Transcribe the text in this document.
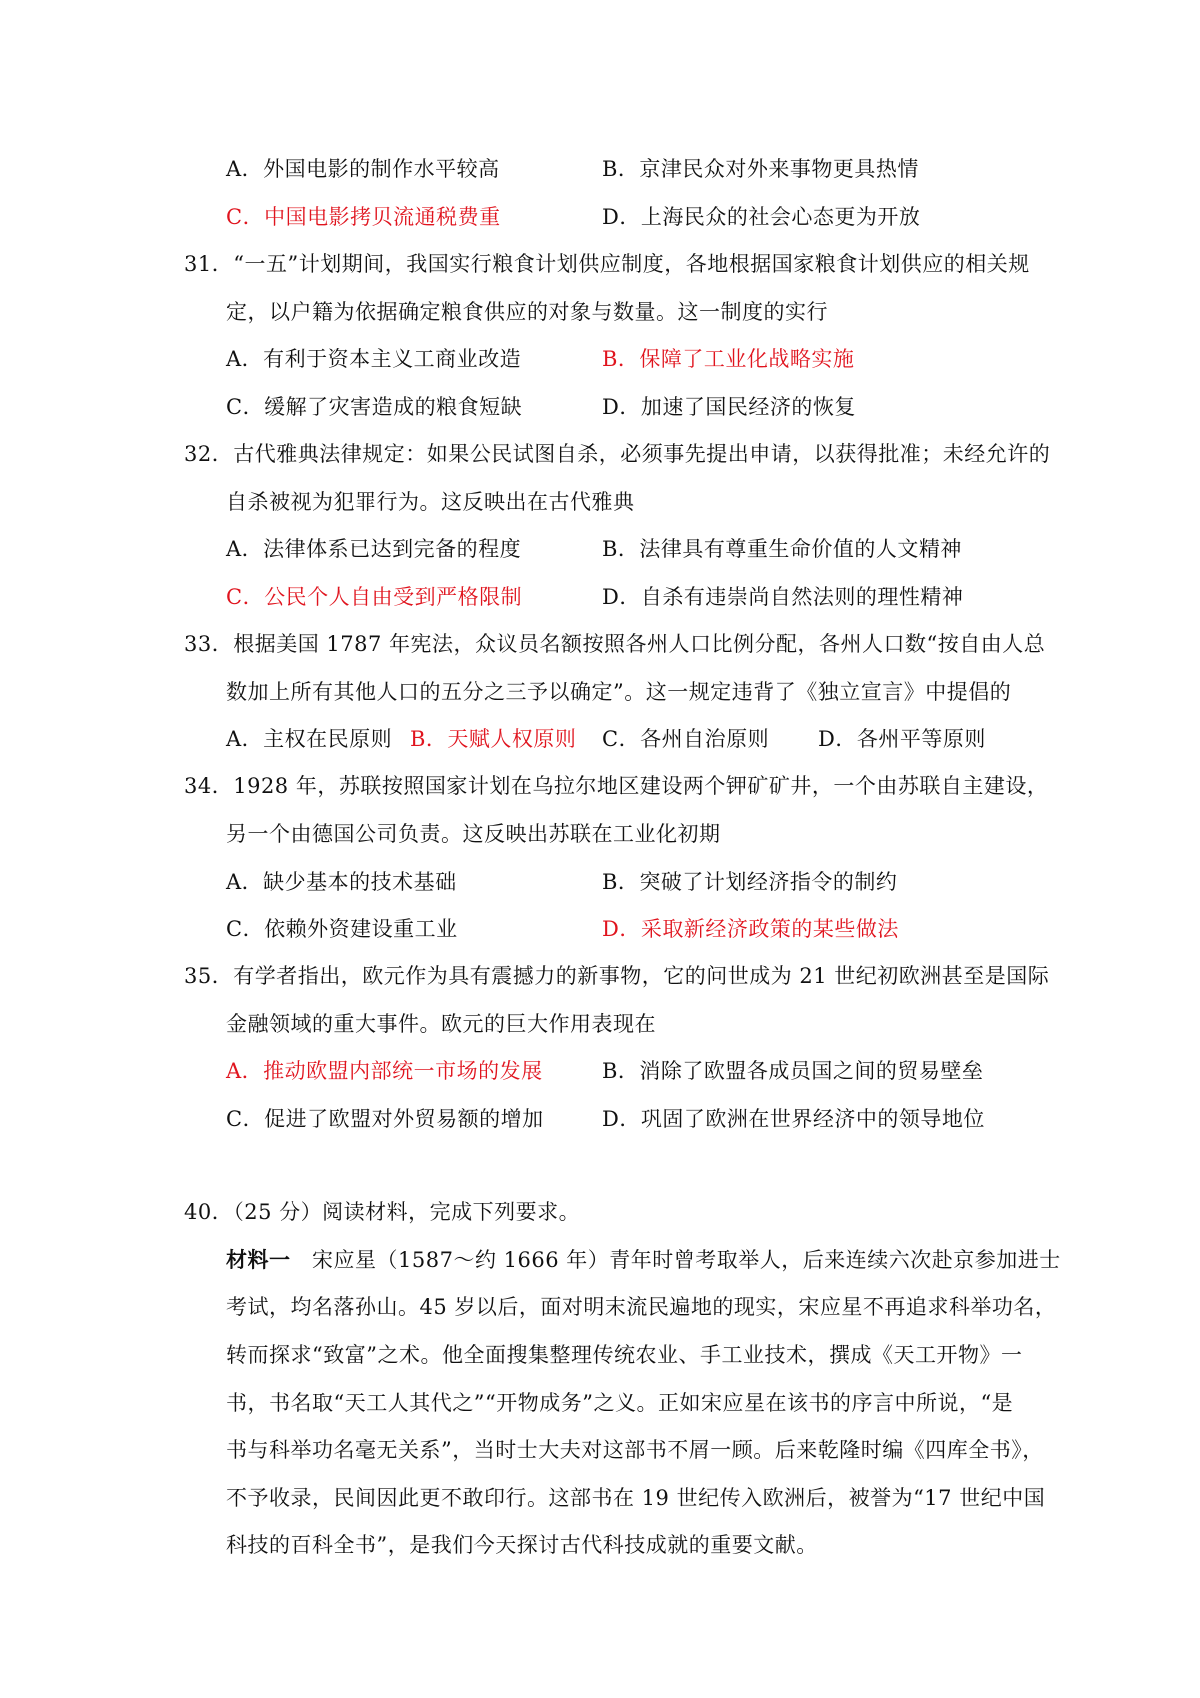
A．外国电影的制作水平较高	B．京津民众对外来事物更具热情
C．中国电影拷贝流通税费重	D．上海民众的社会心态更为开放
31．“一五”计划期间，我国实行粮食计划供应制度，各地根据国家粮食计划供应的相关规
定，以户籍为依据确定粮食供应的对象与数量。这一制度的实行
A．有利于资本主义工商业改造	B．保障了工业化战略实施
C．缓解了灾害造成的粮食短缺	D．加速了国民经济的恢复
32．古代雅典法律规定：如果公民试图自杀，必须事先提出申请，以获得批准；未经允许的
自杀被视为犯罪行为。这反映出在古代雅典
A．法律体系已达到完备的程度	B．法律具有尊重生命价值的人文精神
C．公民个人自由受到严格限制	D．自杀有违崇尚自然法则的理性精神
33．根据美国 1787 年宪法，众议员名额按照各州人口比例分配，各州人口数“按自由人总
数加上所有其他人口的五分之三予以确定”。这一规定违背了《独立宣言》中提倡的
A．主权在民原则 B．天赋人权原则 C．各州自治原则 D．各州平等原则
34．1928 年，苏联按照国家计划在乌拉尔地区建设两个钾矿矿井，一个由苏联自主建设，
另一个由德国公司负责。这反映出苏联在工业化初期
A．缺少基本的技术基础	B．突破了计划经济指令的制约
C．依赖外资建设重工业	D．采取新经济政策的某些做法
35．有学者指出，欧元作为具有震撼力的新事物，它的问世成为 21 世纪初欧洲甚至是国际
金融领域的重大事件。欧元的巨大作用表现在
A．推动欧盟内部统一市场的发展	B．消除了欧盟各成员国之间的贸易壁垒
C．促进了欧盟对外贸易额的增加	D．巩固了欧洲在世界经济中的领导地位
40．（25 分）阅读材料，完成下列要求。
材料一　宋应星（1587～约 1666 年）青年时曾考取举人，后来连续六次赴京参加进士
考试，均名落孙山。45 岁以后，面对明末流民遍地的现实，宋应星不再追求科举功名，
转而探求“致富”之术。他全面搜集整理传统农业、手工业技术，撰成《天工开物》一
书，书名取“天工人其代之”“开物成务”之义。正如宋应星在该书的序言中所说，“是
书与科举功名毫无关系”，当时士大夫对这部书不屑一顾。后来乾隆时编《四库全书》，
不予收录，民间因此更不敢印行。这部书在 19 世纪传入欧洲后，被誉为“17 世纪中国
科技的百科全书”，是我们今天探讨古代科技成就的重要文献。
